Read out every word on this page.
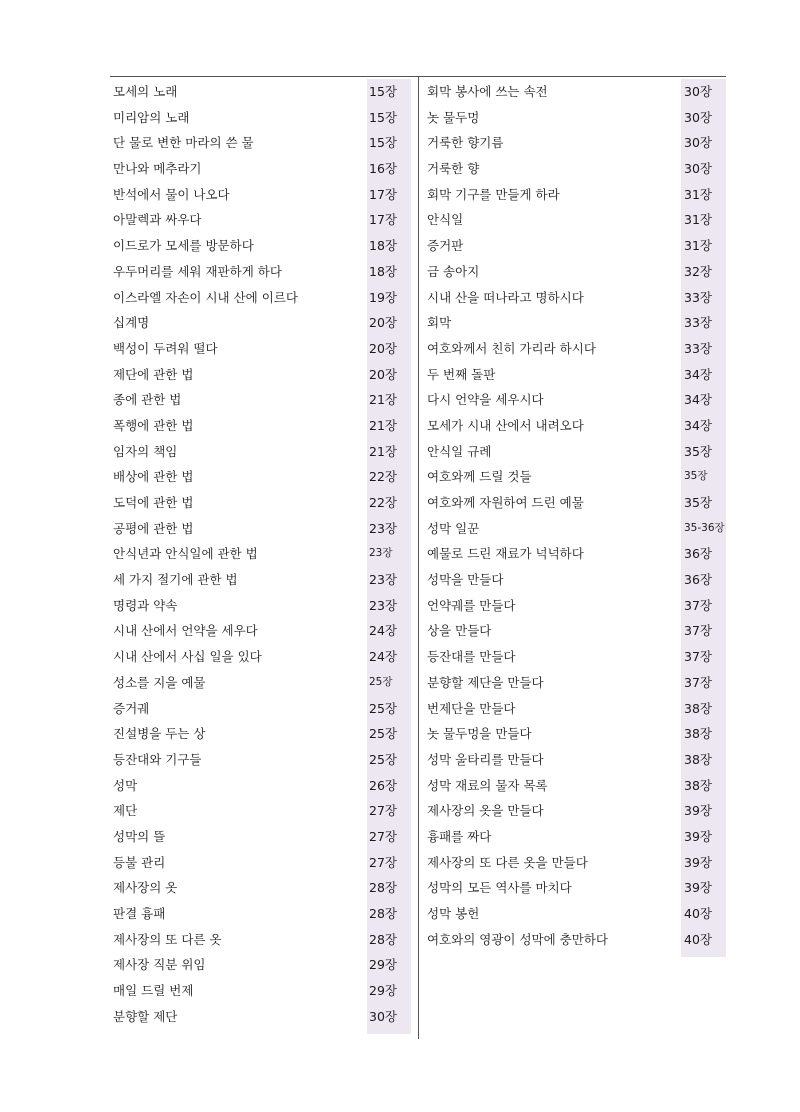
모세의 노래	15장
미리암의 노래	15장
단 물로 변한 마라의 쓴 물	15장
만나와 메추라기	16장
반석에서 물이 나오다	17장
아말렉과 싸우다	17장
이드로가 모세를 방문하다	18장
우두머리를 세워 재판하게 하다	18장
이스라엘 자손이 시내 산에 이르다	19장
십계명	20장
백성이 두려워 떨다	20장
제단에 관한 법	20장
종에 관한 법	21장
폭행에 관한 법	21장
임자의 책임	21장
배상에 관한 법	22장
도덕에 관한 법	22장
공평에 관한 법	23장
안식년과 안식일에 관한 법	23장
세 가지 절기에 관한 법	23장
명령과 약속	23장
시내 산에서 언약을 세우다	24장
시내 산에서 사십 일을 있다	24장
성소를 지을 예물	25장
증거궤	25장
진설병을 두는 상	25장
등잔대와 기구들	25장
성막	26장
제단	27장
성막의 뜰	27장
등불 관리	27장
제사장의 옷	28장
판결 흉패	28장
제사장의 또 다른 옷	28장
제사장 직분 위임	29장
매일 드릴 번제	29장
분향할 제단	30장
회막 봉사에 쓰는 속전	30장
놋 물두멍	30장
거룩한 향기름	30장
거룩한 향	30장
회막 기구를 만들게 하라	31장
안식일	31장
증거판	31장
금 송아지	32장
시내 산을 떠나라고 명하시다	33장
회막	33장
여호와께서 친히 가리라 하시다	33장
두 번째 돌판	34장
다시 언약을 세우시다	34장
모세가 시내 산에서 내려오다	34장
안식일 규례	35장
여호와께 드릴 것들	35장
여호와께 자원하여 드린 예물	35장
성막 일꾼	35-36장
예물로 드린 재료가 넉넉하다	36장
성막을 만들다	36장
언약궤를 만들다	37장
상을 만들다	37장
등잔대를 만들다	37장
분향할 제단을 만들다	37장
번제단을 만들다	38장
놋 물두멍을 만들다	38장
성막 울타리를 만들다	38장
성막 재료의 물자 목록	38장
제사장의 옷을 만들다	39장
흉패를 짜다	39장
제사장의 또 다른 옷을 만들다	39장
성막의 모든 역사를 마치다	39장
성막 봉헌	40장
여호와의 영광이 성막에 충만하다	40장
